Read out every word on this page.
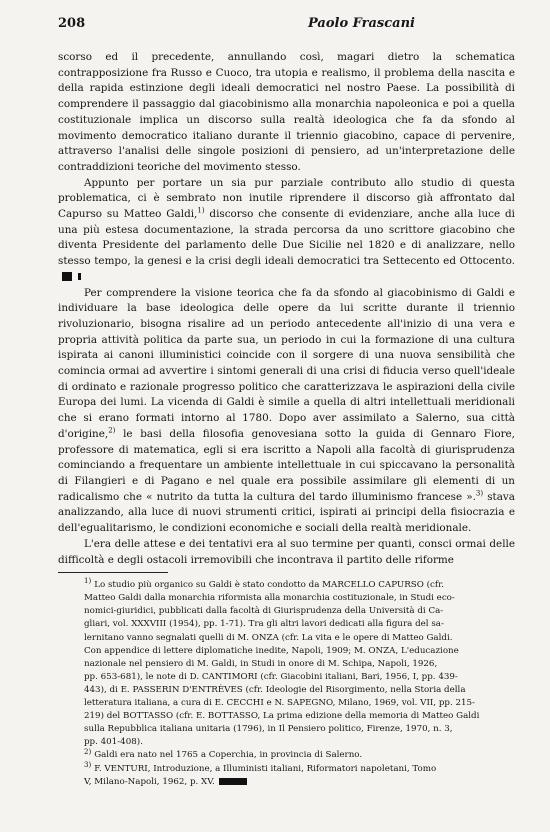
208	Paolo Frascani

scorso ed il precedente, annullando così, magari dietro la schematica contrapposizione fra Russo e Cuoco, tra utopia e realismo, il problema della nascita e della rapida estinzione degli ideali democratici nel nostro Paese. La possibilità di comprendere il passaggio dal giacobinismo alla monarchia napoleonica e poi a quella costituzionale implica un discorso sulla realtà ideologica che fa da sfondo al movimento democratico italiano durante il triennio giacobino, capace di pervenire, attraverso l'analisi delle singole posizioni di pensiero, ad un'interpretazione delle contraddizioni teoriche del movimento stesso.

Appunto per portare un sia pur parziale contributo allo studio di questa problematica, ci è sembrato non inutile riprendere il discorso già affrontato dal Capurso su Matteo Galdi,$^{1)}$ discorso che consente di evidenziare, anche alla luce di una più estesa documentazione, la strada percorsa da uno scrittore giacobino che diventa Presidente del parlamento delle Due Sicilie nel 1820 e di analizzare, nello stesso tempo, la genesi e la crisi degli ideali democratici tra Settecento ed Ottocento.

Per comprendere la visione teorica che fa da sfondo al giacobinismo di Galdi e individuare la base ideologica delle opere da lui scritte durante il triennio rivoluzionario, bisogna risalire ad un periodo antecedente all'inizio di una vera e propria attività politica da parte sua, un periodo in cui la formazione di una cultura ispirata ai canoni illuministici coincide con il sorgere di una nuova sensibilità che comincia ormai ad avvertire i sintomi generali di una crisi di fiducia verso quell'ideale di ordinato e razionale progresso politico che caratterizzava le aspirazioni della civile Europa dei lumi. La vicenda di Galdi è simile a quella di altri intellettuali meridionali che si erano formati intorno al 1780. Dopo aver assimilato a Salerno, sua città d'origine,$^{2)}$ le basi della filosofia genovesiana sotto la guida di Gennaro Fiore, professore di matematica, egli si era iscritto a Napoli alla facoltà di giurisprudenza cominciando a frequentare un ambiente intellettuale in cui spiccavano la personalità di Filangieri e di Pagano e nel quale era possibile assimilare gli elementi di un radicalismo che « nutrito da tutta la cultura del tardo illuminismo francese ».$^{3)}$ stava analizzando, alla luce di nuovi strumenti critici, ispirati ai principi della fisiocrazia e dell'egualitarismo, le condizioni economiche e sociali della realtà meridionale.

L'era delle attese e dei tentativi era al suo termine per quanti, consci ormai delle difficoltà e degli ostacoli irremovibili che incontrava il partito delle riforme

$^{1)}$ Lo studio più organico su Galdi è stato condotto da MARCELLO CAPURSO (cfr.
Matteo Galdi dalla monarchia riformista alla monarchia costituzionale, in Studi eco-
nomici-giuridici, pubblicati dalla facoltà di Giurisprudenza della Università di Ca-
gliari, vol. XXXVIII (1954), pp. 1-71). Tra gli altri lavori dedicati alla figura del sa-
lernitano vanno segnalati quelli di M. ONZA (cfr. La vita e le opere di Matteo Galdi.
Con appendice di lettere diplomatiche inedite, Napoli, 1909; M. ONZA, L'educazione
nazionale nel pensiero di M. Galdi, in Studi in onore di M. Schipa, Napoli, 1926,
pp. 653-681), le note di D. CANTIMORI (cfr. Giacobini italiani, Bari, 1956, I, pp. 439-
443), di E. PASSERIN D'ENTRÈVES (cfr. Ideologie del Risorgimento, nella Storia della
letteratura italiana, a cura di E. CECCHI e N. SAPEGNO, Milano, 1969, vol. VII, pp. 215-
219) del BOTTASSO (cfr. E. BOTTASSO, La prima edizione della memoria di Matteo Galdi
sulla Repubblica italiana unitaria (1796), in Il Pensiero politico, Firenze, 1970, n. 3,
pp. 401-408).

$^{2)}$ Galdi era nato nel 1765 a Coperchia, in provincia di Salerno.

$^{3)}$ F. VENTURI, Introduzione, a Illuministi italiani, Riformatori napoletani, Tomo
V, Milano-Napoli, 1962, p. XV.
